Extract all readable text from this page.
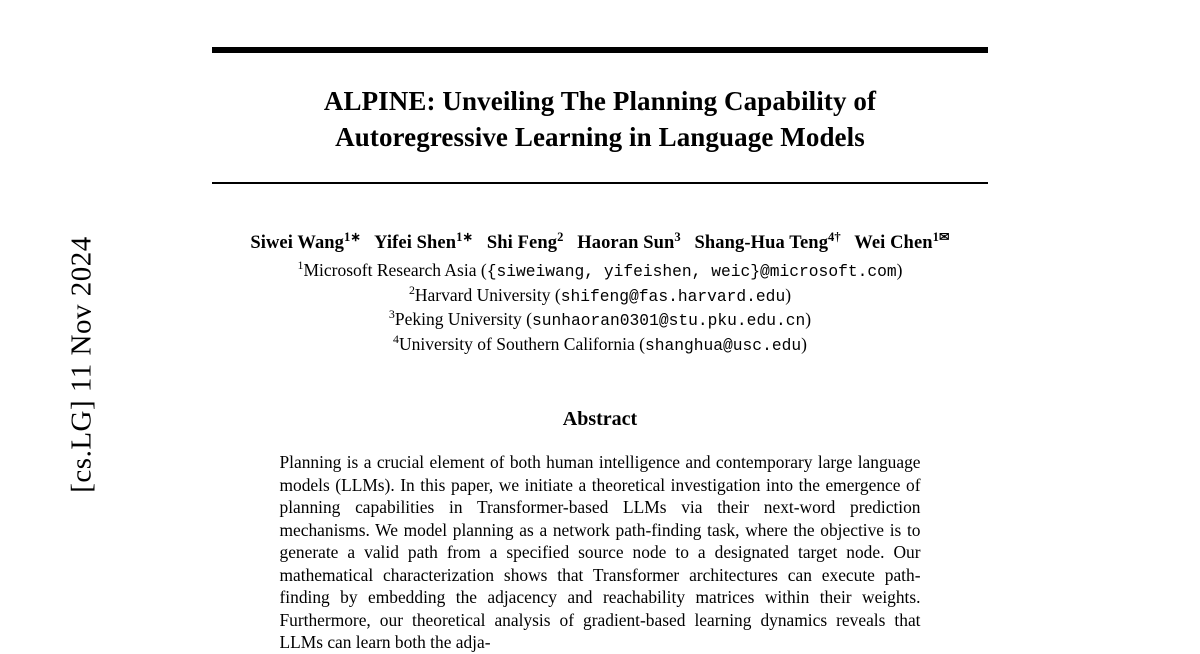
[cs.LG] 11 Nov 2024
ALPINE: Unveiling The Planning Capability of
Autoregressive Learning in Language Models
Siwei Wang$^{1∗}$ Yifei Shen$^{1∗}$ Shi Feng$^2$ Haoran Sun$^3$ Shang-Hua Teng$^{4\dagger}$ Wei Chen$^{1✉}$
$^1$Microsoft Research Asia ({siweiwang, yifeishen, weic}@microsoft.com)
$^2$Harvard University (shifeng@fas.harvard.edu)
$^3$Peking University (sunhaoran0301@stu.pku.edu.cn)
$^4$University of Southern California (shanghua@usc.edu)
Abstract

Planning is a crucial element of both human intelligence and contemporary large language models (LLMs). In this paper, we initiate a theoretical investigation into the emergence of planning capabilities in Transformer-based LLMs via their next-word prediction mechanisms. We model planning as a network path-finding task, where the objective is to generate a valid path from a specified source node to a designated target node. Our mathematical characterization shows that Transformer architectures can execute path-finding by embedding the adjacency and reachability matrices within their weights. Furthermore, our theoretical analysis of gradient-based learning dynamics reveals that LLMs can learn both the adja-
